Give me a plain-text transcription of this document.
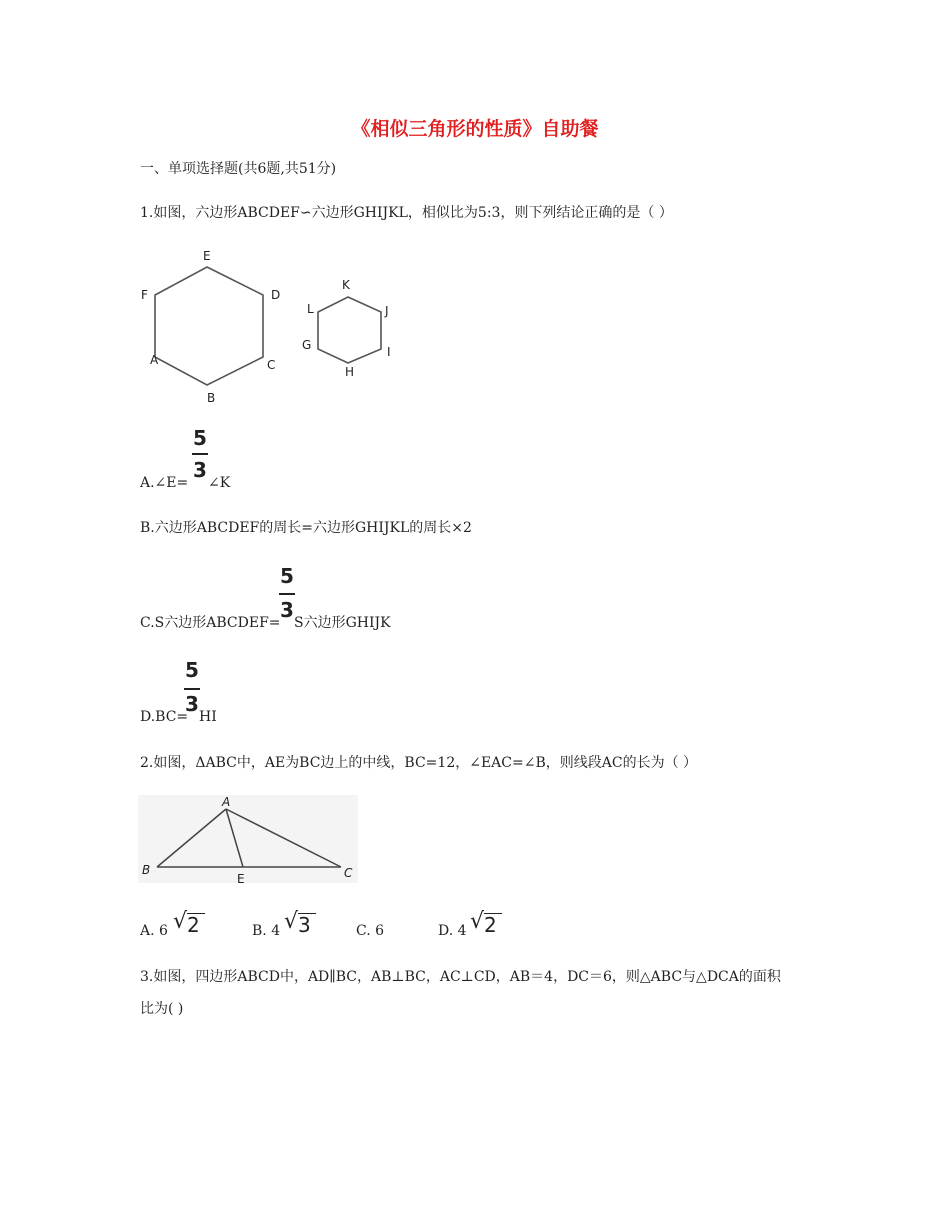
《相似三角形的性质》自助餐
一、单项选择题(共6题,共51分)
1.如图，六边形ABCDEF∽六边形GHIJKL，相似比为5:3，则下列结论正确的是（ ）
A
B
C
D
E
F
G
H
I
J
K
L
5
3
A.∠E= ∠K
B.六边形ABCDEF的周长=六边形GHIJKL的周长×2
5
3
C.S六边形ABCDEF= S六边形GHIJK
5
3
D.BC= HI
2.如图，ΔABC中，AE为BC边上的中线，BC=12，∠EAC=∠B，则线段AC的长为（ ）
A
B	C
E
A. 6 √ 2	B. 4 √ 3	C. 6	D. 4 √ 2
3.如图，四边形ABCD中，AD∥BC，AB⊥BC，AC⊥CD，AB＝4，DC＝6，则△ABC与△DCA的面积
比为( )
